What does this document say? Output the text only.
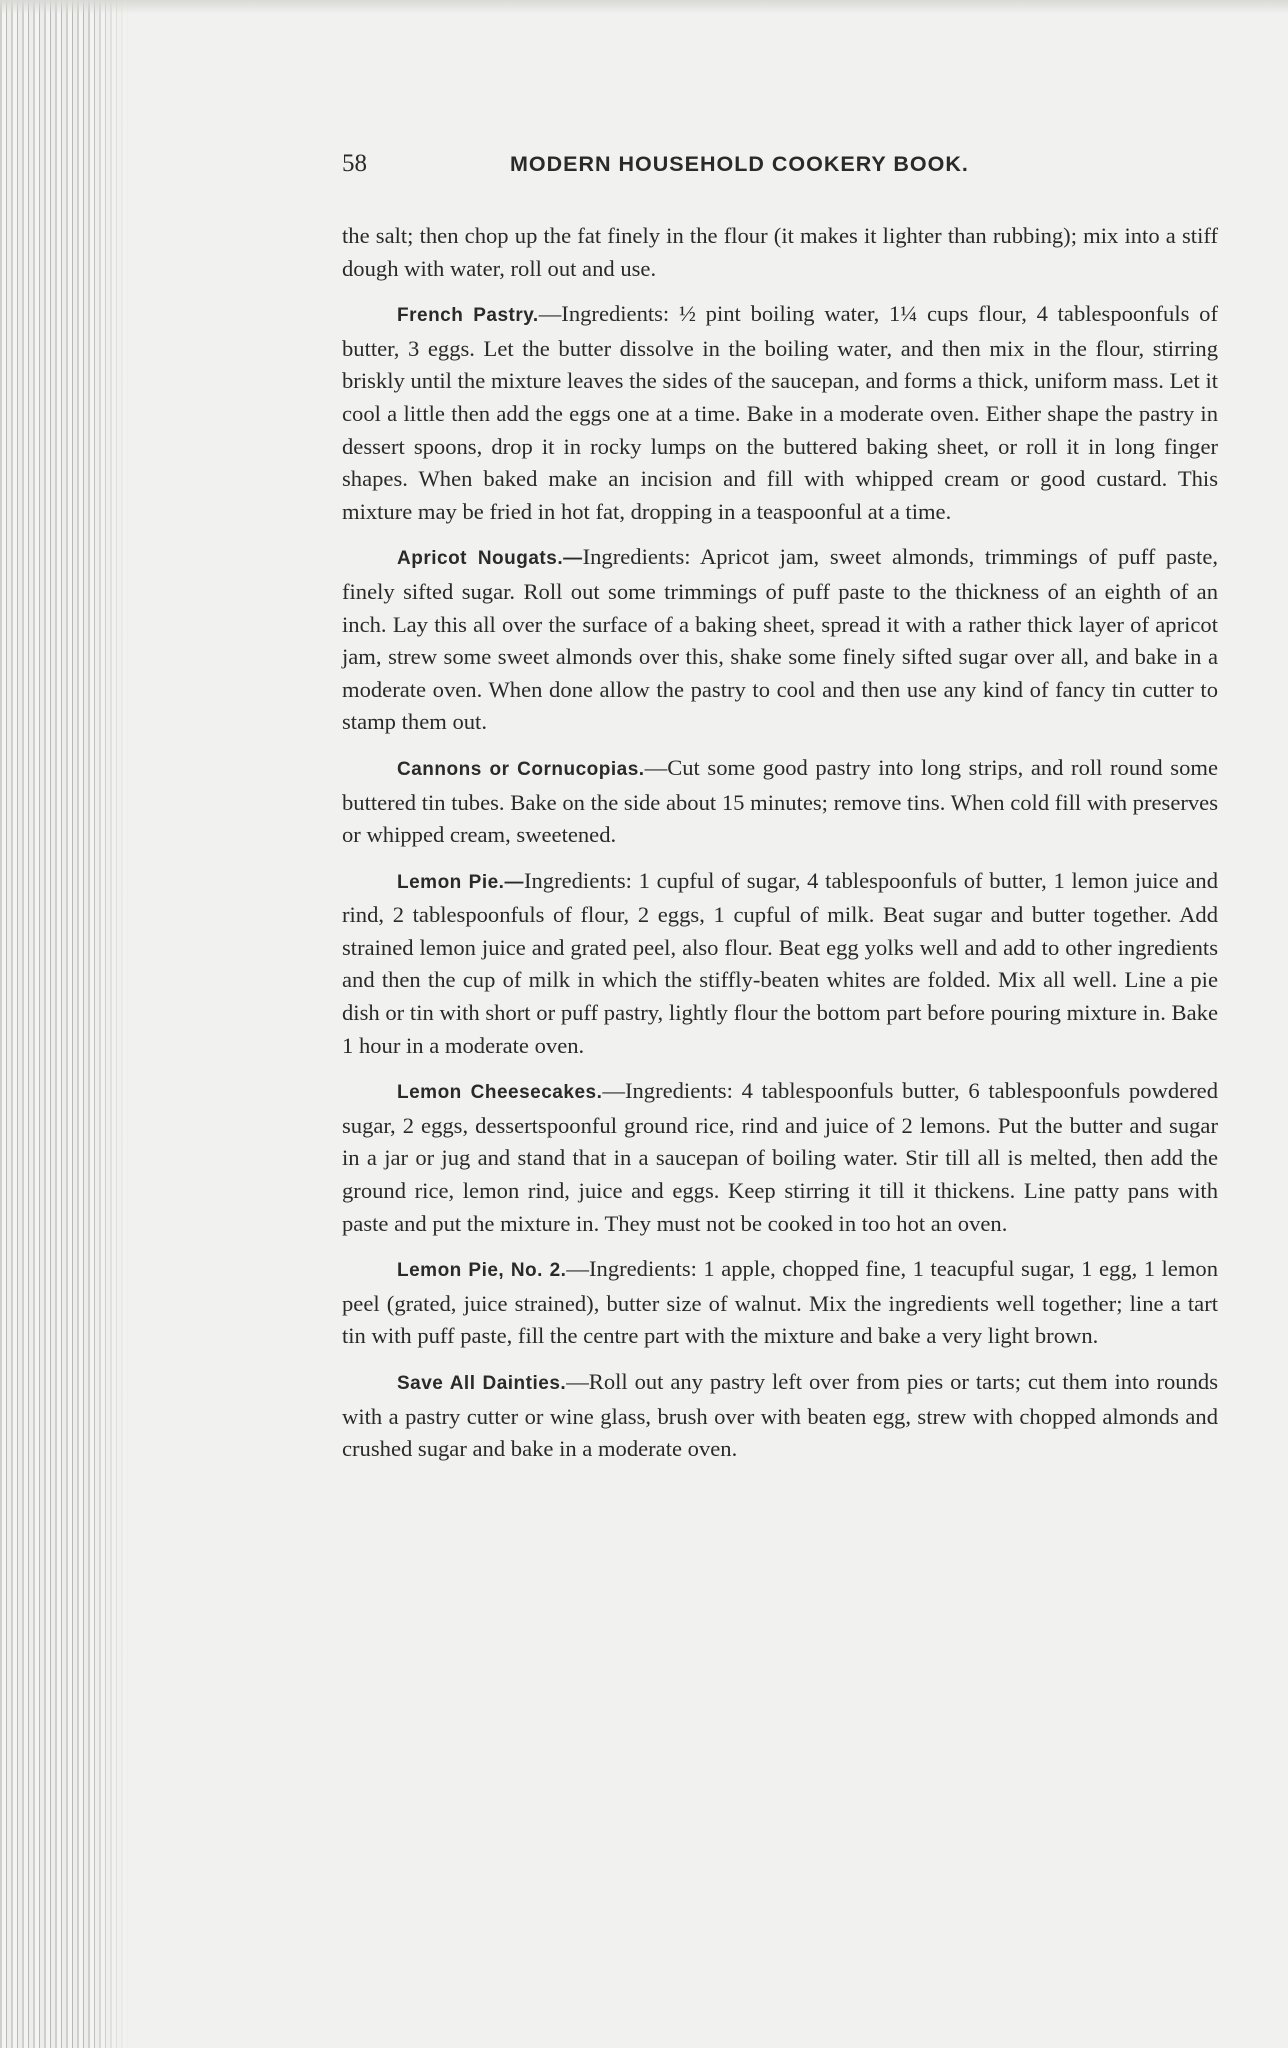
58	MODERN HOUSEHOLD COOKERY BOOK.

the salt; then chop up the fat finely in the flour (it makes it lighter than rubbing); mix into a stiff dough with water, roll out and use.

French Pastry.—Ingredients: ½ pint boiling water, 1¼ cups flour, 4 tablespoonfuls of butter, 3 eggs. Let the butter dissolve in the boiling water, and then mix in the flour, stirring briskly until the mixture leaves the sides of the saucepan, and forms a thick, uniform mass. Let it cool a little then add the eggs one at a time. Bake in a moderate oven. Either shape the pastry in dessert spoons, drop it in rocky lumps on the buttered baking sheet, or roll it in long finger shapes. When baked make an incision and fill with whipped cream or good custard. This mixture may be fried in hot fat, dropping in a teaspoonful at a time.

Apricot Nougats.—Ingredients: Apricot jam, sweet almonds, trimmings of puff paste, finely sifted sugar. Roll out some trimmings of puff paste to the thickness of an eighth of an inch. Lay this all over the surface of a baking sheet, spread it with a rather thick layer of apricot jam, strew some sweet almonds over this, shake some finely sifted sugar over all, and bake in a moderate oven. When done allow the pastry to cool and then use any kind of fancy tin cutter to stamp them out.

Cannons or Cornucopias.—Cut some good pastry into long strips, and roll round some buttered tin tubes. Bake on the side about 15 minutes; remove tins. When cold fill with preserves or whipped cream, sweetened.

Lemon Pie.—Ingredients: 1 cupful of sugar, 4 tablespoonfuls of butter, 1 lemon juice and rind, 2 tablespoonfuls of flour, 2 eggs, 1 cupful of milk. Beat sugar and butter together. Add strained lemon juice and grated peel, also flour. Beat egg yolks well and add to other ingredients and then the cup of milk in which the stiffly-beaten whites are folded. Mix all well. Line a pie dish or tin with short or puff pastry, lightly flour the bottom part before pouring mixture in. Bake 1 hour in a moderate oven.

Lemon Cheesecakes.—Ingredients: 4 tablespoonfuls butter, 6 tablespoonfuls powdered sugar, 2 eggs, dessertspoonful ground rice, rind and juice of 2 lemons. Put the butter and sugar in a jar or jug and stand that in a saucepan of boiling water. Stir till all is melted, then add the ground rice, lemon rind, juice and eggs. Keep stirring it till it thickens. Line patty pans with paste and put the mixture in. They must not be cooked in too hot an oven.

Lemon Pie, No. 2.—Ingredients: 1 apple, chopped fine, 1 teacupful sugar, 1 egg, 1 lemon peel (grated, juice strained), butter size of walnut. Mix the ingredients well together; line a tart tin with puff paste, fill the centre part with the mixture and bake a very light brown.

Save All Dainties.—Roll out any pastry left over from pies or tarts; cut them into rounds with a pastry cutter or wine glass, brush over with beaten egg, strew with chopped almonds and crushed sugar and bake in a moderate oven.
